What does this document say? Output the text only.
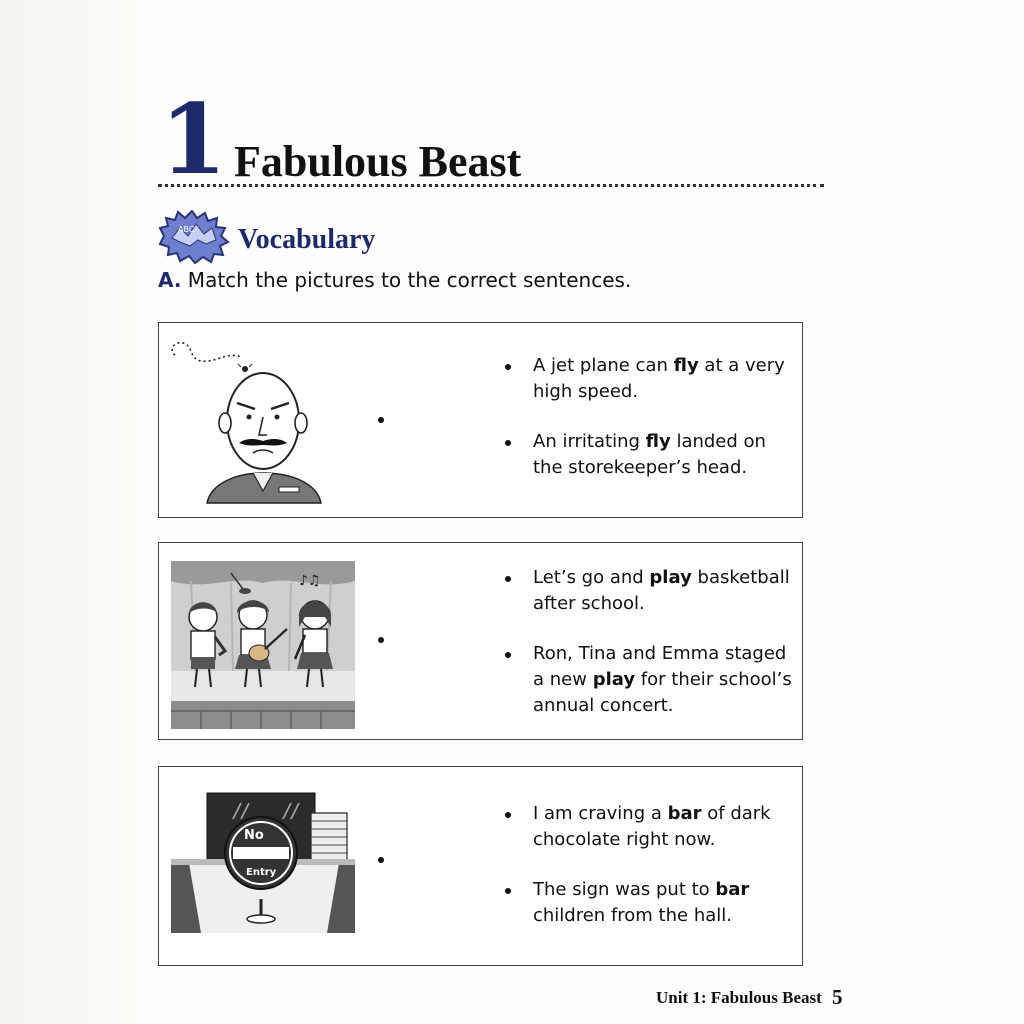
1 Fabulous Beast
ABC Vocabulary
A. Match the pictures to the correct sentences.
A jet plane can fly at a very high speed.
An irritating fly landed on the storekeeper’s head.
♪♫	Let’s go and play basketball after school.
Ron, Tina and Emma staged a new play for their school’s annual concert.
No
Entry
I am craving a bar of dark chocolate right now.
The sign was put to bar children from the hall.
Unit 1: Fabulous Beast 5
